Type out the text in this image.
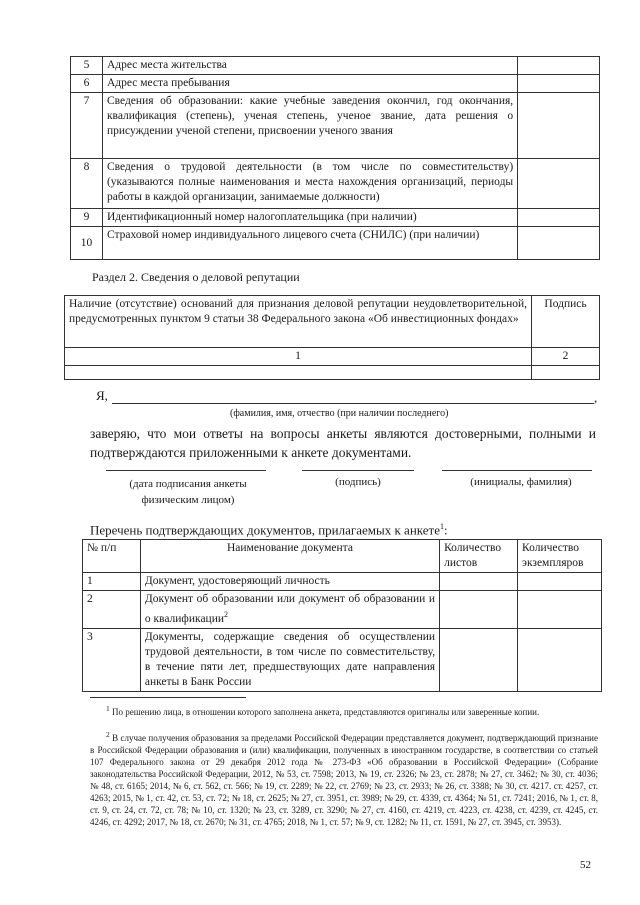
5	Адрес места жительства	
6	Адрес места пребывания	
7	Сведения об образовании: какие учебные заведения окончил, год окончания, квалификация (степень), ученая степень, ученое звание, дата решения о присуждении ученой степени, присвоении ученого звания	
8	Сведения о трудовой деятельности (в том числе по совместительству) (указываются полные наименования и места нахождения организаций, периоды работы в каждой организации, занимаемые должности)	
9	Идентификационный номер налогоплательщика (при наличии)	
10	Страховой номер индивидуального лицевого счета (СНИЛС) (при наличии)	
Раздел 2. Сведения о деловой репутации
Наличие (отсутствие) оснований для признания деловой репутации неудовлетворительной, предусмотренных пунктом 9 статьи 38 Федерального закона «Об инвестиционных фондах»	Подпись
1	2

Я,	,
(фамилия, имя, отчество (при наличии последнего)
заверяю, что мои ответы на вопросы анкеты являются достоверными, полными и подтверждаются приложенными к анкете документами.
(дата подписания анкеты физическим лицом)
(подпись)	(инициалы, фамилия)
Перечень подтверждающих документов, прилагаемых к анкете$^1$:
№ п/п	Наименование документа	Количество листов	Количество экземпляров
1	Документ, удостоверяющий личность		
2	Документ об образовании или документ об образовании и о квалификации$^2$		
3	Документы, содержащие сведения об осуществлении трудовой деятельности, в том числе по совместительству, в течение пяти лет, предшествующих дате направления анкеты в Банк России		
$^1$ По решению лица, в отношении которого заполнена анкета, представляются оригиналы или заверенные копии.
$^2$ В случае получения образования за пределами Российской Федерации представляется документ, подтверждающий признание в Российской Федерации образования и (или) квалификации, полученных в иностранном государстве, в соответствии со статьей 107 Федерального закона от 29 декабря 2012 года № 273-ФЗ «Об образовании в Российской Федерации» (Собрание законодательства Российской Федерации, 2012, № 53, ст. 7598; 2013, № 19, ст. 2326; № 23, ст. 2878; № 27, ст. 3462; № 30, ст. 4036; № 48, ст. 6165; 2014, № 6, ст. 562, ст. 566; № 19, ст. 2289; № 22, ст. 2769; № 23, ст. 2933; № 26, ст. 3388; № 30, ст. 4217. ст. 4257, ст. 4263; 2015, № 1, ст. 42, ст. 53, ст. 72; № 18, ст. 2625; № 27, ст. 3951, ст. 3989; № 29, ст. 4339, ст. 4364; № 51, ст. 7241; 2016, № 1, ст. 8, ст. 9, ст. 24, ст. 72, ст. 78; № 10, ст. 1320; № 23, ст. 3289, ст. 3290; № 27, ст. 4160, ст. 4219, ст. 4223, ст. 4238, ст. 4239, ст. 4245, ст. 4246, ст. 4292; 2017, № 18, ст. 2670; № 31, ст. 4765; 2018, № 1, ст. 57; № 9, ст. 1282; № 11, ст. 1591, № 27, ст. 3945, ст. 3953).
52
